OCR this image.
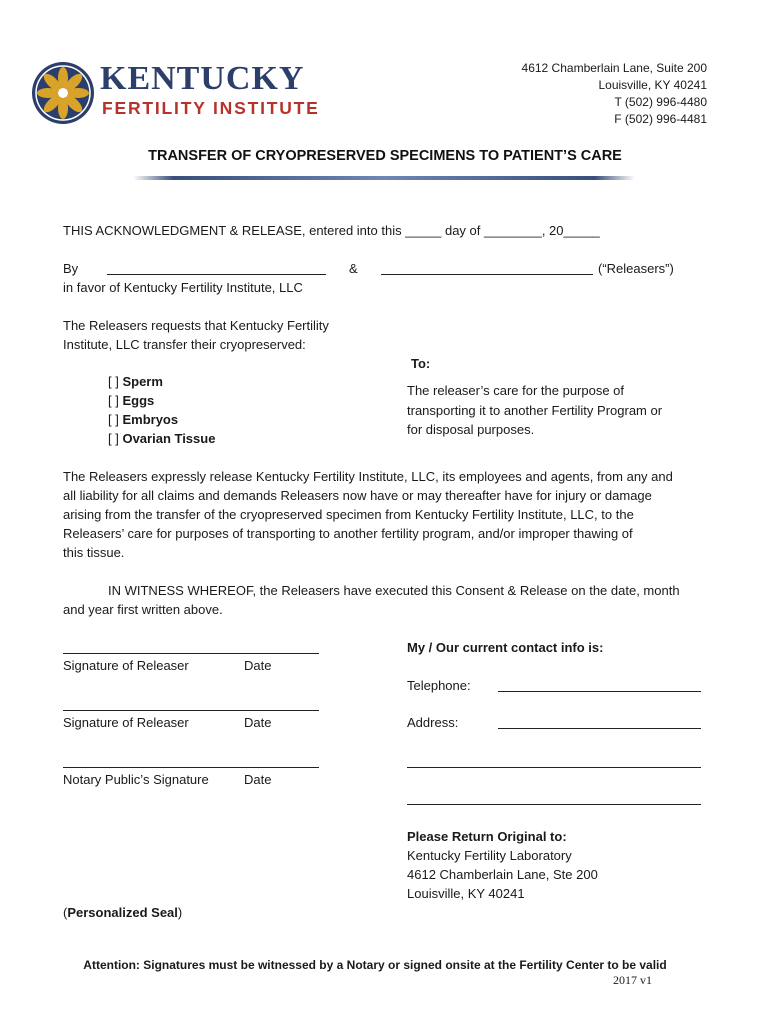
KENTUCKY
FERTILITY INSTITUTE
4612 Chamberlain Lane, Suite 200
Louisville, KY 40241
T (502) 996-4480
F (502) 996-4481
TRANSFER OF CRYOPRESERVED SPECIMENS TO PATIENT’S CARE
THIS ACKNOWLEDGMENT & RELEASE, entered into this _____ day of ________, 20_____
By	&	(“Releasers”)
in favor of Kentucky Fertility Institute, LLC
The Releasers requests that Kentucky Fertility
Institute, LLC transfer their cryopreserved:
To:
[ ] Sperm
[ ] Eggs
[ ] Embryos
[ ] Ovarian Tissue
The releaser’s care for the purpose of
transporting it to another Fertility Program or
for disposal purposes.
The Releasers expressly release Kentucky Fertility Institute, LLC, its employees and agents, from any and
all liability for all claims and demands Releasers now have or may thereafter have for injury or damage
arising from the transfer of the cryopreserved specimen from Kentucky Fertility Institute, LLC, to the
Releasers’ care for purposes of transporting to another fertility program, and/or improper thawing of
this tissue.
IN WITNESS WHEREOF, the Releasers have executed this Consent & Release on the date, month
and year first written above.
Signature of Releaser	Date
Signature of Releaser	Date
Notary Public’s Signature	Date
My / Our current contact info is:
Telephone:
Address:
Please Return Original to:
Kentucky Fertility Laboratory
4612 Chamberlain Lane, Ste 200
Louisville, KY 40241
(Personalized Seal)
Attention: Signatures must be witnessed by a Notary or signed onsite at the Fertility Center to be valid
2017 v1
